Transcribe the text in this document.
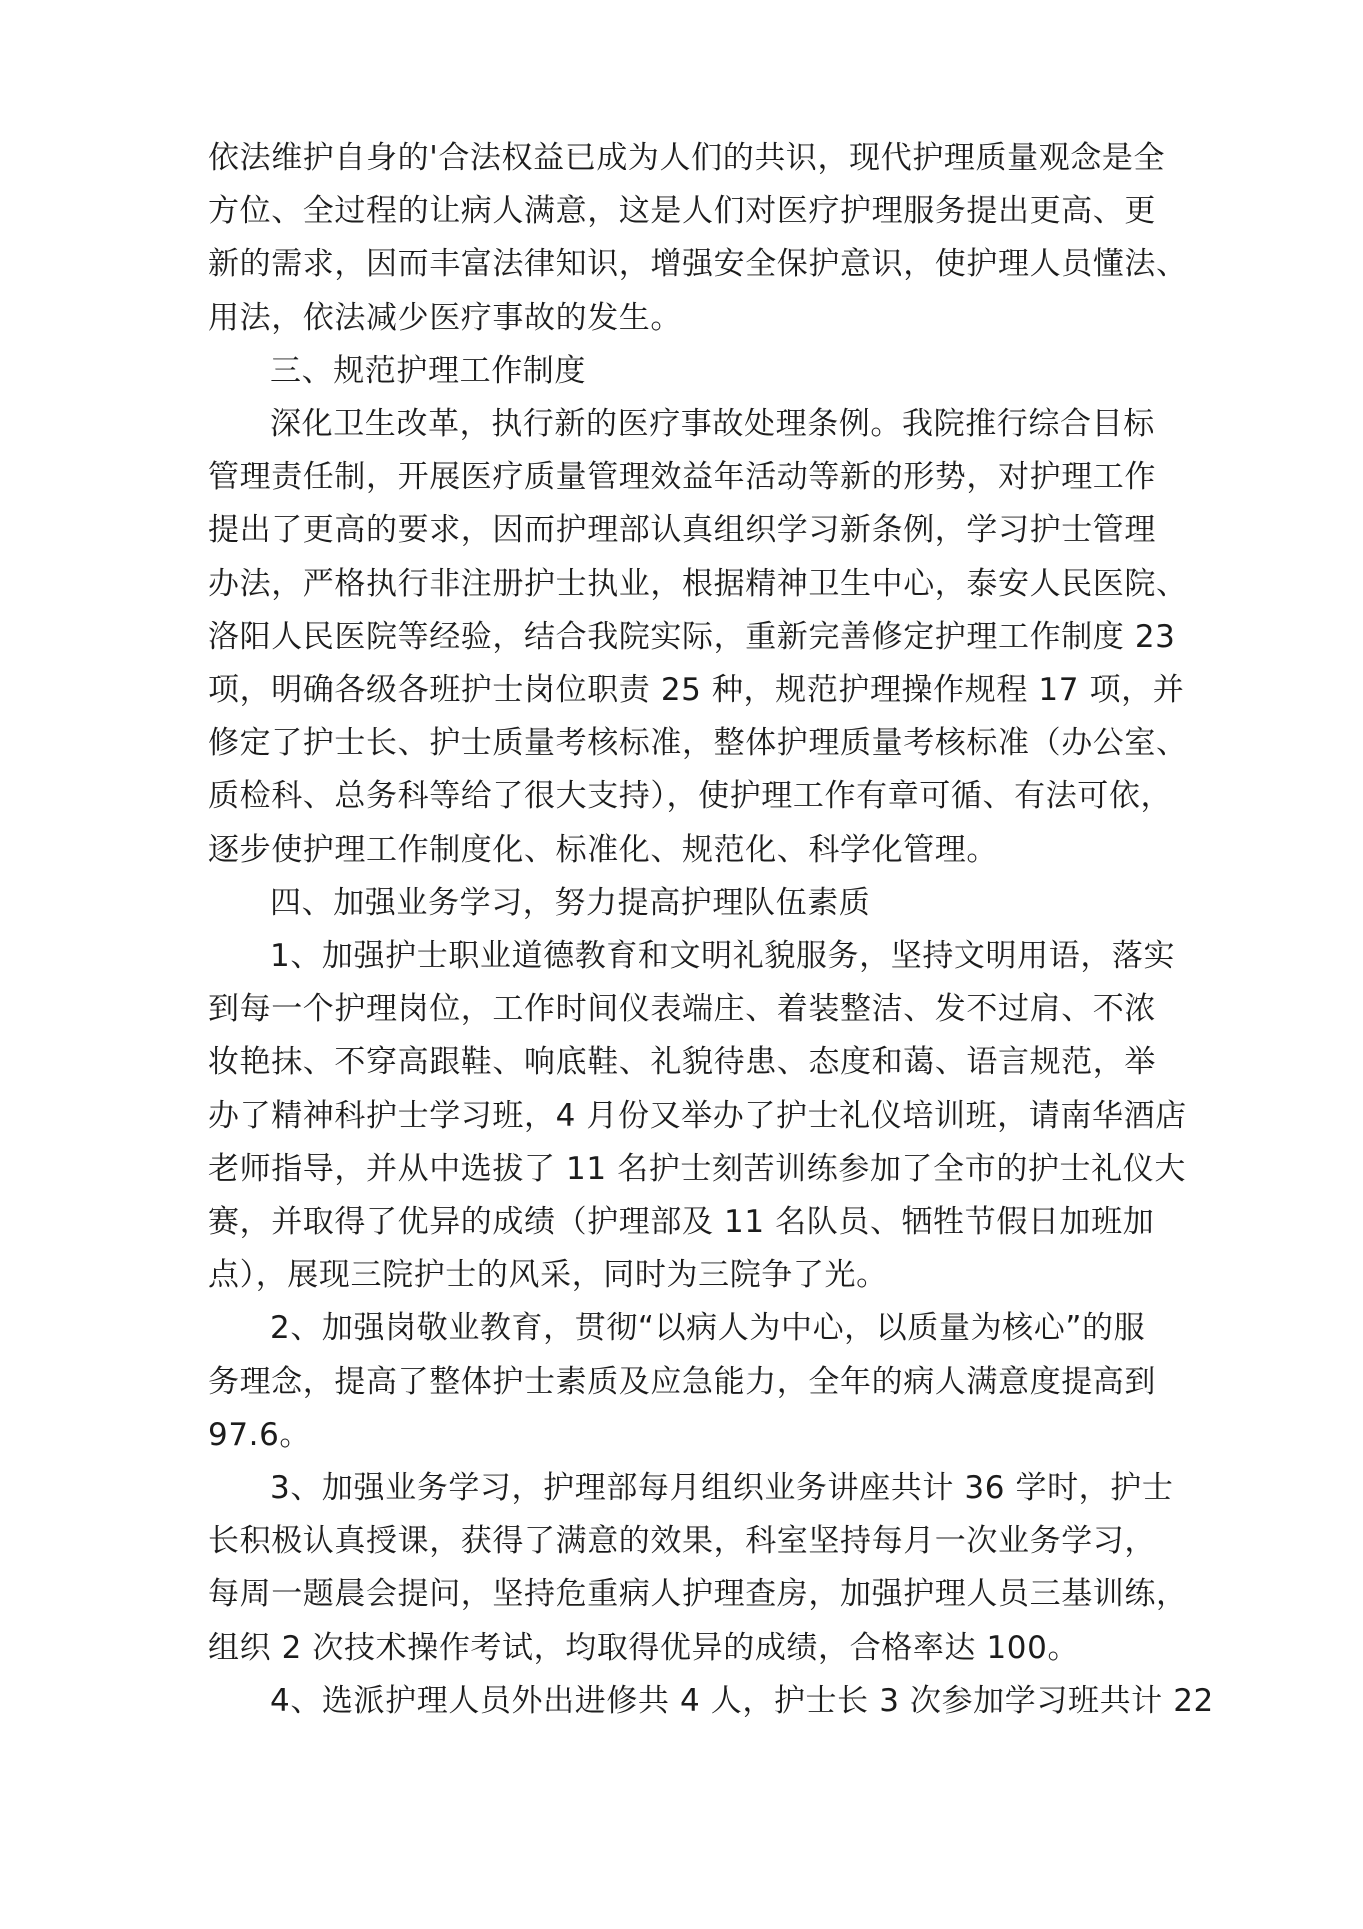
依法维护自身的'合法权益已成为人们的共识，现代护理质量观念是全
方位、全过程的让病人满意，这是人们对医疗护理服务提出更高、更
新的需求，因而丰富法律知识，增强安全保护意识，使护理人员懂法、
用法，依法减少医疗事故的发生。
三、规范护理工作制度
深化卫生改革，执行新的医疗事故处理条例。我院推行综合目标
管理责任制，开展医疗质量管理效益年活动等新的形势，对护理工作
提出了更高的要求，因而护理部认真组织学习新条例，学习护士管理
办法，严格执行非注册护士执业，根据精神卫生中心，泰安人民医院、
洛阳人民医院等经验，结合我院实际，重新完善修定护理工作制度 23
项，明确各级各班护士岗位职责 25 种，规范护理操作规程 17 项，并
修定了护士长、护士质量考核标准，整体护理质量考核标准（办公室、
质检科、总务科等给了很大支持），使护理工作有章可循、有法可依，
逐步使护理工作制度化、标准化、规范化、科学化管理。
四、加强业务学习，努力提高护理队伍素质
1、加强护士职业道德教育和文明礼貌服务，坚持文明用语，落实
到每一个护理岗位，工作时间仪表端庄、着装整洁、发不过肩、不浓
妆艳抹、不穿高跟鞋、响底鞋、礼貌待患、态度和蔼、语言规范，举
办了精神科护士学习班，4 月份又举办了护士礼仪培训班，请南华酒店
老师指导，并从中选拔了 11 名护士刻苦训练参加了全市的护士礼仪大
赛，并取得了优异的成绩（护理部及 11 名队员、牺牲节假日加班加
点），展现三院护士的风采，同时为三院争了光。
2、加强岗敬业教育，贯彻“以病人为中心，以质量为核心”的服
务理念，提高了整体护士素质及应急能力，全年的病人满意度提高到
97.6。
3、加强业务学习，护理部每月组织业务讲座共计 36 学时，护士
长积极认真授课，获得了满意的效果，科室坚持每月一次业务学习，
每周一题晨会提问，坚持危重病人护理查房，加强护理人员三基训练，
组织 2 次技术操作考试，均取得优异的成绩，合格率达 100。
4、选派护理人员外出进修共 4 人，护士长 3 次参加学习班共计 22
